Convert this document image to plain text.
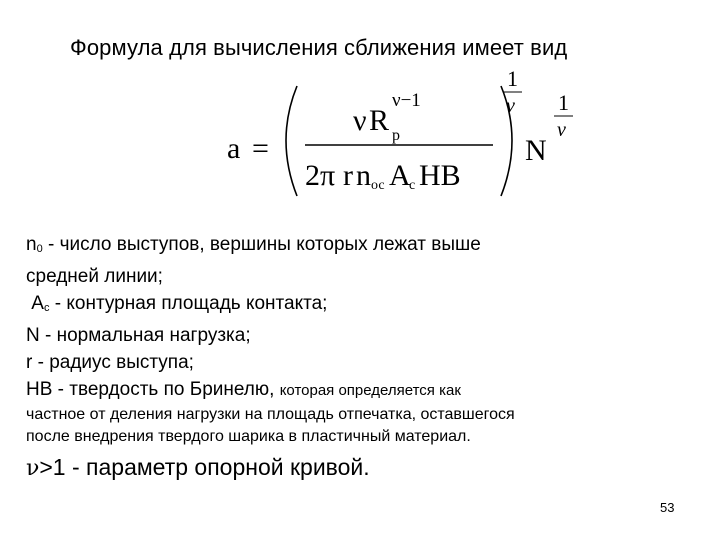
Формула для вычисления сближения имеет вид
a =
ν R
ν−1
p
2π r n ос A
c HB
1
ν
N
1
ν
$n_0$ - число выступов, вершины которых лежат выше
средней линии;
$А_с$ - контурная площадь контакта;
N - нормальная нагрузка;
r - радиус выступа;
НВ - твердость по Бринелю, которая определяется как
частное от деления нагрузки на площадь отпечатка, оставшегося
после внедрения твердого шарика в пластичный материал.
ν>1 - параметр опорной кривой.
53
